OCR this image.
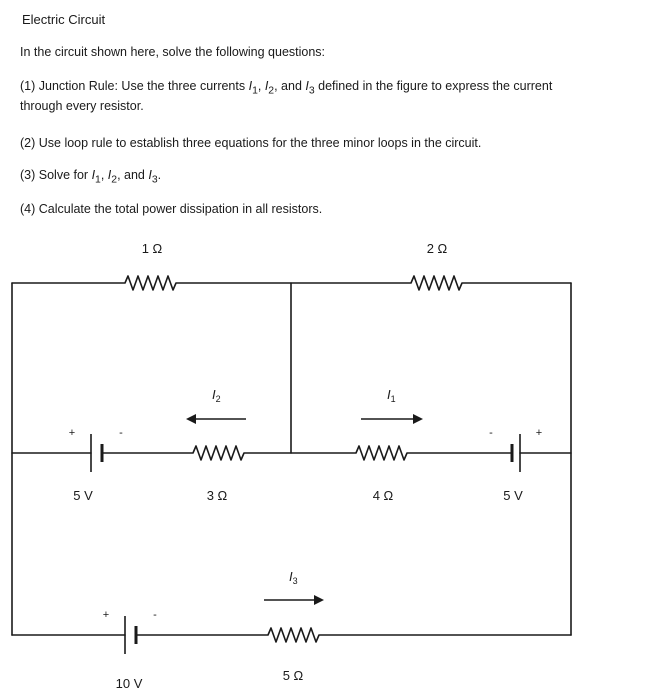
Electric Circuit
In the circuit shown here, solve the following questions:
(1) Junction Rule: Use the three currents $I_1$, $I_2$, and $I_3$ defined in the figure to express the current
through every resistor.
(2) Use loop rule to establish three equations for the three minor loops in the circuit.
(3) Solve for $I_1$, $I_2$, and $I_3$.
(4) Calculate the total power dissipation in all resistors.
1 Ω	2 Ω
3 Ω	4 Ω
5 Ω
5 V	5 V
10 V
+	-	-	+
+	-
$I_2$	$I_1$
$I_3$
